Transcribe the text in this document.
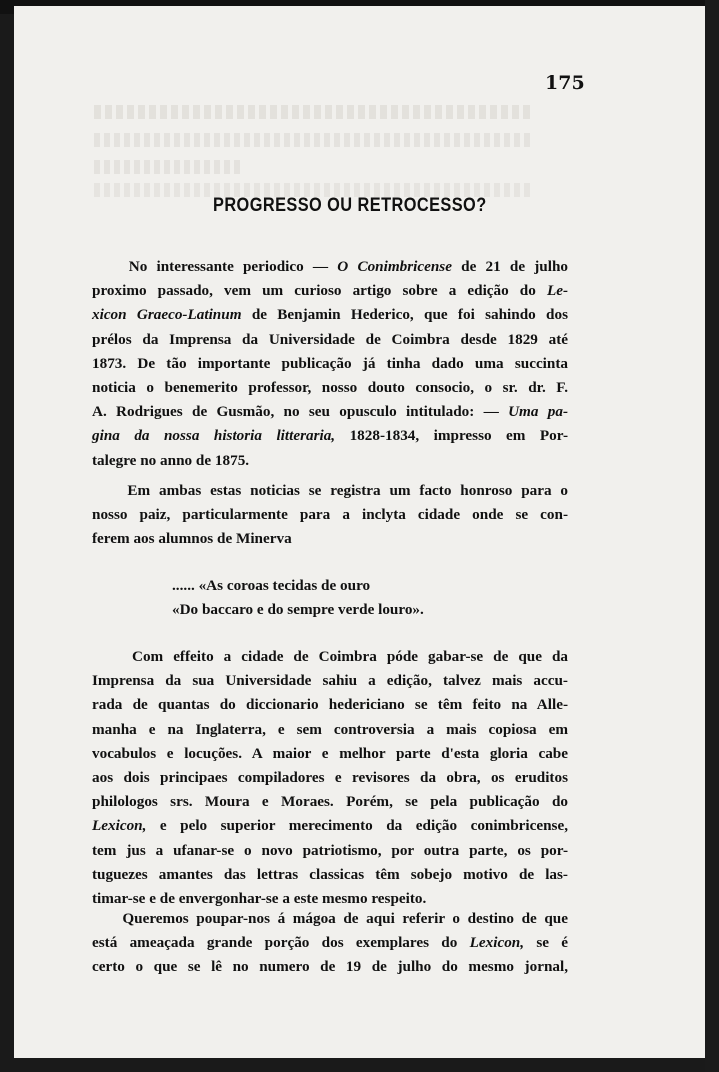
175
PROGRESSO OU RETROCESSO?
No interessante periodico — O Conimbricense de 21 de julho
proximo passado, vem um curioso artigo sobre a edição do Le-
xicon Graeco-Latinum de Benjamin Hederico, que foi sahindo dos
prélos da Imprensa da Universidade de Coimbra desde 1829 até
1873. De tão importante publicação já tinha dado uma succinta
noticia o benemerito professor, nosso douto consocio, o sr. dr. F.
A. Rodrigues de Gusmão, no seu opusculo intitulado: — Uma pa-
gina da nossa historia litteraria, 1828-1834, impresso em Por-
talegre no anno de 1875.
Em ambas estas noticias se registra um facto honroso para o
nosso paiz, particularmente para a inclyta cidade onde se con-
ferem aos alumnos de Minerva
...... «As coroas tecidas de ouro
«Do baccaro e do sempre verde louro».
Com effeito a cidade de Coimbra póde gabar-se de que da
Imprensa da sua Universidade sahiu a edição, talvez mais accu-
rada de quantas do diccionario hedericiano se têm feito na Alle-
manha e na Inglaterra, e sem controversia a mais copiosa em
vocabulos e locuções. A maior e melhor parte d'esta gloria cabe
aos dois principaes compiladores e revisores da obra, os eruditos
philologos srs. Moura e Moraes. Porém, se pela publicação do
Lexicon, e pelo superior merecimento da edição conimbricense,
tem jus a ufanar-se o novo patriotismo, por outra parte, os por-
tuguezes amantes das lettras classicas têm sobejo motivo de las-
timar-se e de envergonhar-se a este mesmo respeito.
Queremos poupar-nos á mágoa de aqui referir o destino de que
está ameaçada grande porção dos exemplares do Lexicon, se é
certo o que se lê no numero de 19 de julho do mesmo jornal,
